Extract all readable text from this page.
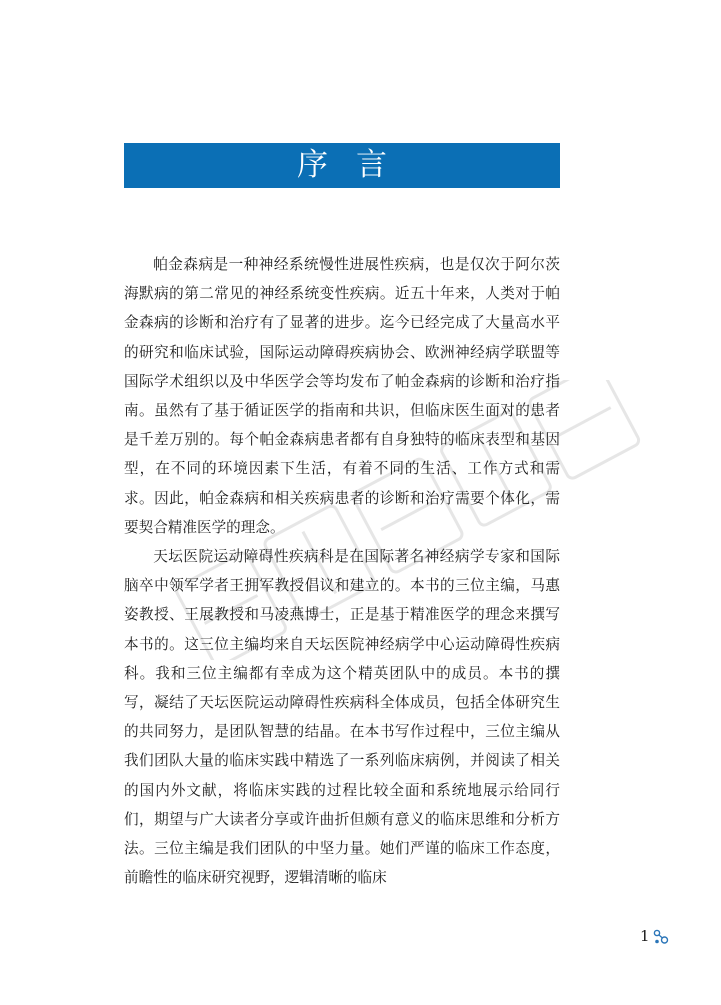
序言

帕金森病是一种神经系统慢性进展性疾病，也是仅次于阿尔茨海默病的第二常见的神经系统变性疾病。近五十年来，人类对于帕金森病的诊断和治疗有了显著的进步。迄今已经完成了大量高水平的研究和临床试验，国际运动障碍疾病协会、欧洲神经病学联盟等国际学术组织以及中华医学会等均发布了帕金森病的诊断和治疗指南。虽然有了基于循证医学的指南和共识，但临床医生面对的患者是千差万别的。每个帕金森病患者都有自身独特的临床表型和基因型，在不同的环境因素下生活，有着不同的生活、工作方式和需求。因此，帕金森病和相关疾病患者的诊断和治疗需要个体化，需要契合精准医学的理念。

天坛医院运动障碍性疾病科是在国际著名神经病学专家和国际脑卒中领军学者王拥军教授倡议和建立的。本书的三位主编，马惠姿教授、王展教授和马凌燕博士，正是基于精准医学的理念来撰写本书的。这三位主编均来自天坛医院神经病学中心运动障碍性疾病科。我和三位主编都有幸成为这个精英团队中的成员。本书的撰写，凝结了天坛医院运动障碍性疾病科全体成员，包括全体研究生的共同努力，是团队智慧的结晶。在本书写作过程中，三位主编从我们团队大量的临床实践中精选了一系列临床病例，并阅读了相关的国内外文献，将临床实践的过程比较全面和系统地展示给同行们，期望与广大读者分享或许曲折但颇有意义的临床思维和分析方法。三位主编是我们团队的中坚力量。她们严谨的临床工作态度，前瞻性的临床研究视野，逻辑清晰的临床

1
